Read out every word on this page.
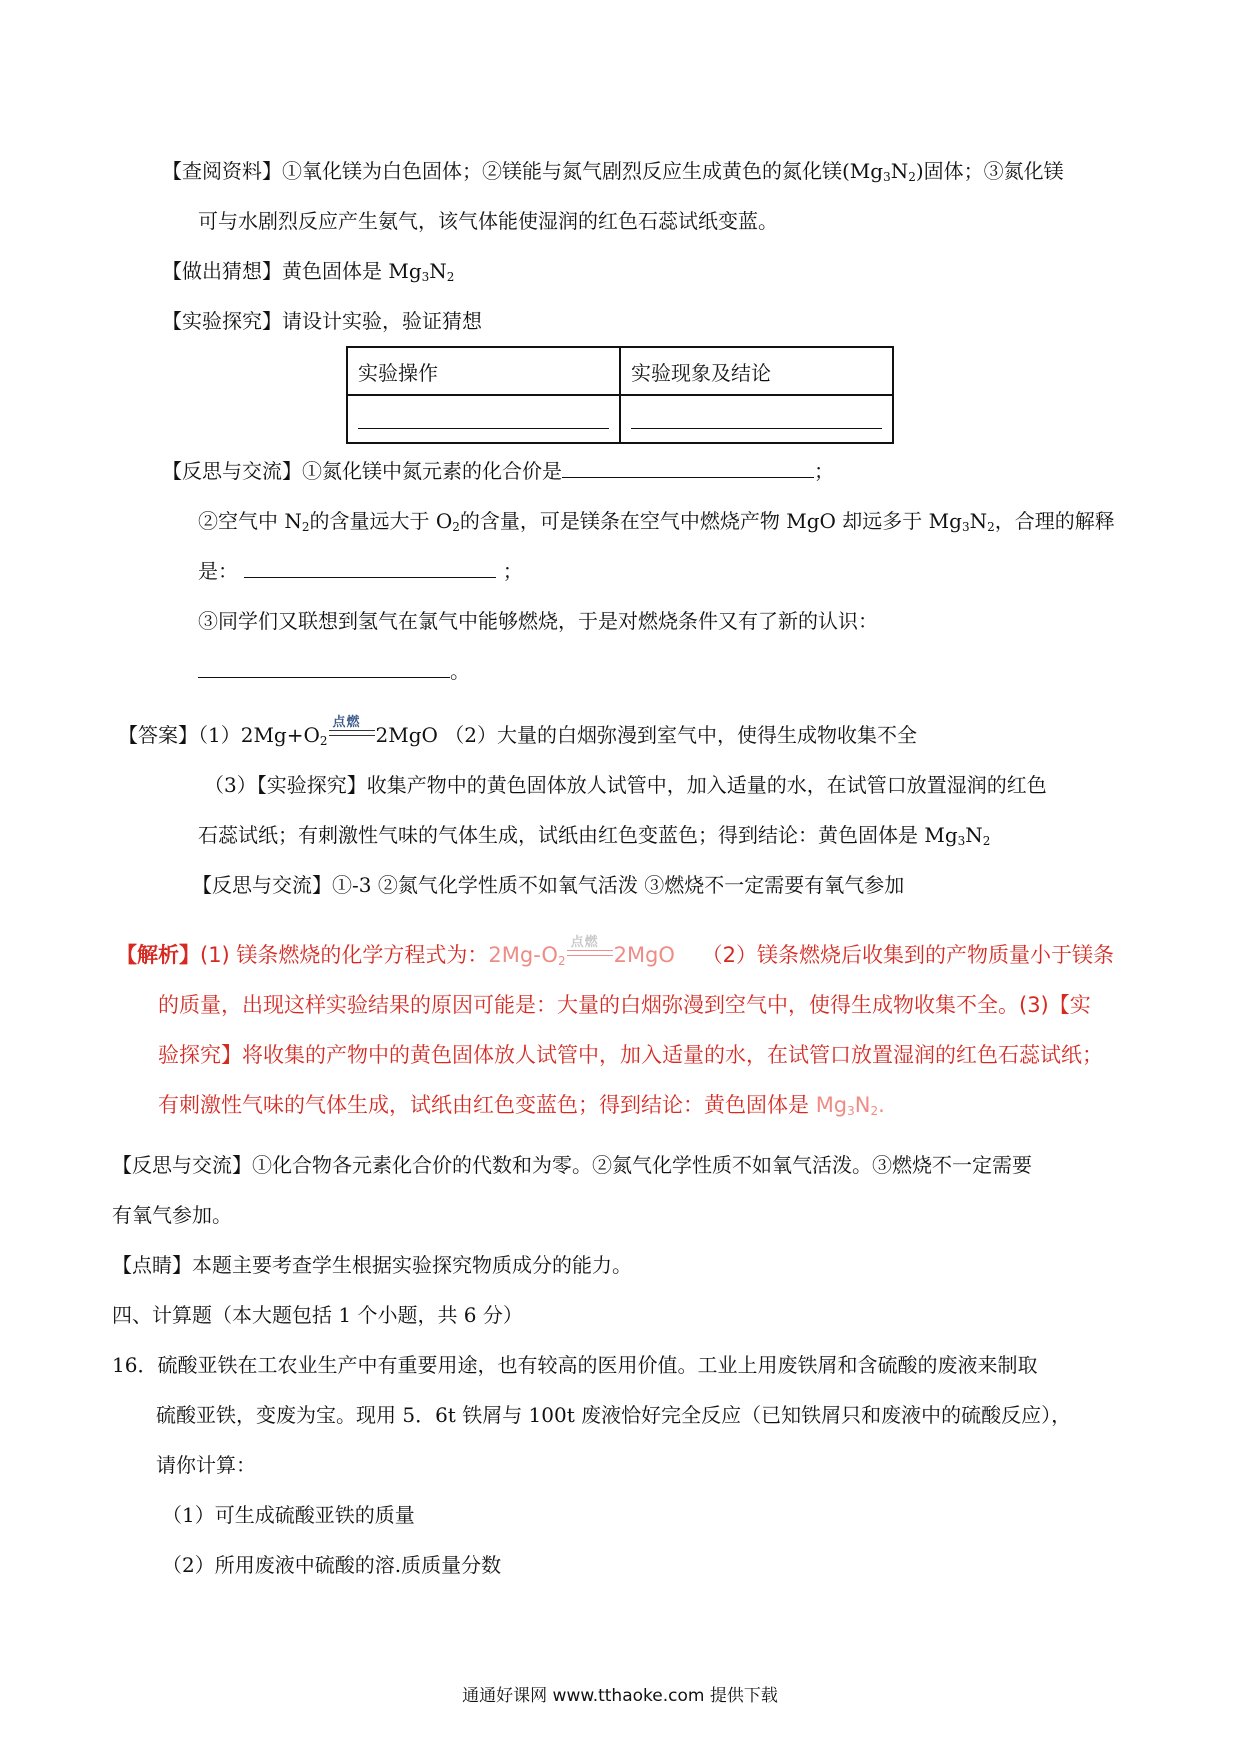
【查阅资料】①氧化镁为白色固体；②镁能与氮气剧烈反应生成黄色的氮化镁$(Mg_3N_2)$固体；③氮化镁
可与水剧烈反应产生氨气，该气体能使湿润的红色石蕊试纸变蓝。
【做出猜想】黄色固体是 $Mg_3N_2$
【实验探究】请设计实验，验证猜想
实验操作	实验现象及结论

【反思与交流】①氮化镁中氮元素的化合价是	；
②空气中 $N_2$的含量远大于 $O_2$的含量，可是镁条在空气中燃烧产物 MgO 却远多于 $Mg_3N_2$，合理的解释
是：	；
③同学们又联想到氢气在氯气中能够燃烧，于是对燃烧条件又有了新的认识：
。
【答案】$(1)2Mg+O_2$
点燃
2MgO （2）大量的白烟弥漫到室气中，使得生成物收集不全
（3）【实验探究】收集产物中的黄色固体放人试管中，加入适量的水，在试管口放置湿润的红色
石蕊试纸；有刺激性气味的气体生成，试纸由红色变蓝色；得到结论：黄色固体是 $Mg_3N_2$
【反思与交流】①-3 ②氮气化学性质不如氧气活泼 ③燃烧不一定需要有氧气参加
【解析】(1) 镁条燃烧的化学方程式为：$2Mg-O_2$
点燃
2MgO （2）镁条燃烧后收集到的产物质量小于镁条
的质量，出现这样实验结果的原因可能是：大量的白烟弥漫到空气中，使得生成物收集不全。(3)【实
验探究】将收集的产物中的黄色固体放人试管中，加入适量的水，在试管口放置湿润的红色石蕊试纸；
有刺激性气味的气体生成，试纸由红色变蓝色；得到结论：黄色固体是 $Mg_3N_2$.
【反思与交流】①化合物各元素化合价的代数和为零。②氮气化学性质不如氧气活泼。③燃烧不一定需要
有氧气参加。
【点睛】本题主要考查学生根据实验探究物质成分的能力。
四、计算题（本大题包括 1 个小题，共 6 分）
16．硫酸亚铁在工农业生产中有重要用途，也有较高的医用价值。工业上用废铁屑和含硫酸的废液来制取
硫酸亚铁，变废为宝。现用 5．6t 铁屑与 100t 废液恰好完全反应（已知铁屑只和废液中的硫酸反应），
请你计算：
（1）可生成硫酸亚铁的质量
（2）所用废液中硫酸的溶.质质量分数
通通好课网 www.tthaoke.com 提供下载
